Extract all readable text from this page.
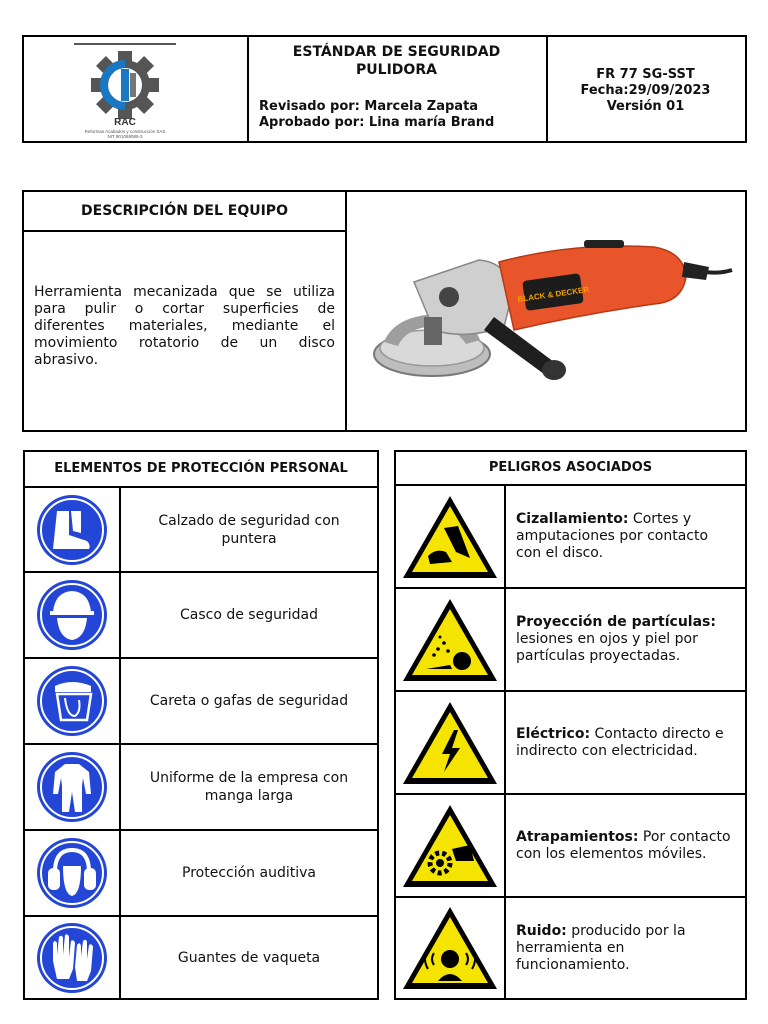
RAC
Reformas Acabados y construcción SAS
NIT 901069085-3
ESTÁNDAR DE SEGURIDAD
PULIDORA
Revisado por: Marcela Zapata
Aprobado por: Lina maría Brand
FR 77 SG-SST
Fecha:29/09/2023
Versión 01
DESCRIPCIÓN DEL EQUIPO
Herramienta mecanizada que se utiliza para pulir o cortar superficies de diferentes materiales, mediante el movimiento rotatorio de un disco abrasivo.
BLACK & DECKER
ELEMENTOS DE PROTECCIÓN PERSONAL
Calzado de seguridad con puntera
Casco de seguridad
Careta o gafas de seguridad
Uniforme de la empresa con manga larga
Protección auditiva
Guantes de vaqueta
PELIGROS ASOCIADOS
Cizallamiento: Cortes y amputaciones por contacto con el disco.
Proyección de partículas:
lesiones en ojos y piel por partículas proyectadas.
Eléctrico: Contacto directo e indirecto con electricidad.
Atrapamientos: Por contacto con los elementos móviles.
Ruido: producido por la herramienta en funcionamiento.
